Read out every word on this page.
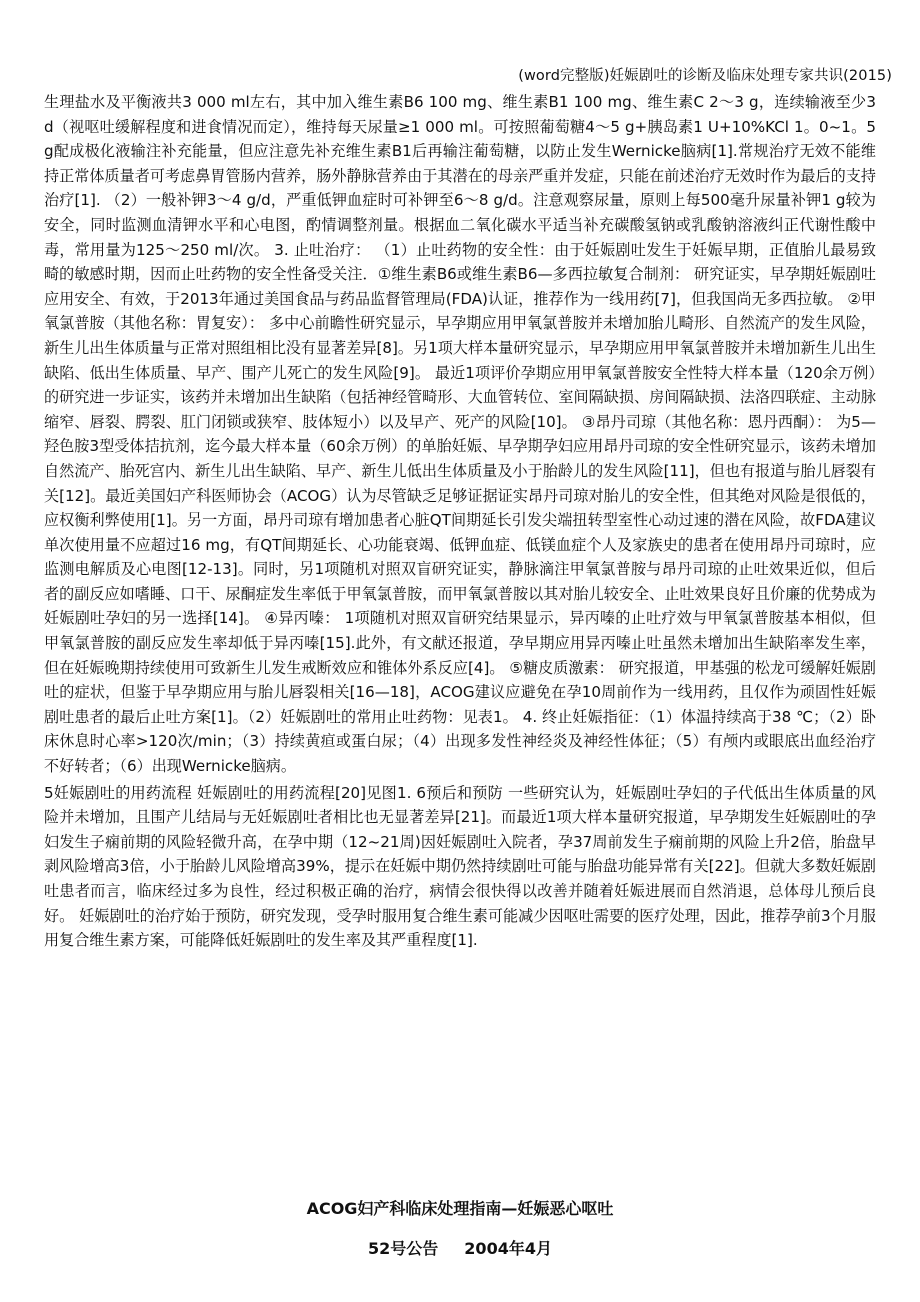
(word完整版)妊娠剧吐的诊断及临床处理专家共识(2015)

生理盐水及平衡液共3 000 ml左右，其中加入维生素B6 100 mg、维生素B1 100 mg、维生素C 2～3 g，连续输液至少3 d（视呕吐缓解程度和进食情况而定），维持每天尿量≥1 000 ml。可按照葡萄糖4～5 g+胰岛素1 U+10%KCl 1。0~1。5 g配成极化液输注补充能量，但应注意先补充维生素B1后再输注葡萄糖，以防止发生Wernicke脑病[1].常规治疗无效不能维持正常体质量者可考虑鼻胃管肠内营养，肠外静脉营养由于其潜在的母亲严重并发症，只能在前述治疗无效时作为最后的支持治疗[1]. （2）一般补钾3～4 g/d，严重低钾血症时可补钾至6～8 g/d。注意观察尿量，原则上每500毫升尿量补钾1 g较为安全，同时监测血清钾水平和心电图，酌情调整剂量。根据血二氧化碳水平适当补充碳酸氢钠或乳酸钠溶液纠正代谢性酸中毒，常用量为125～250 ml/次。 3. 止吐治疗： （1）止吐药物的安全性：由于妊娠剧吐发生于妊娠早期，正值胎儿最易致畸的敏感时期，因而止吐药物的安全性备受关注．①维生素B6或维生素B6—多西拉敏复合制剂： 研究证实，早孕期妊娠剧吐应用安全、有效，于2013年通过美国食品与药品监督管理局(FDA)认证，推荐作为一线用药[7]，但我国尚无多西拉敏。 ②甲氧氯普胺（其他名称：胃复安）： 多中心前瞻性研究显示，早孕期应用甲氧氯普胺并未增加胎儿畸形、自然流产的发生风险，新生儿出生体质量与正常对照组相比没有显著差异[8]。另1项大样本量研究显示，早孕期应用甲氧氯普胺并未增加新生儿出生缺陷、低出生体质量、早产、围产儿死亡的发生风险[9]。 最近1项评价孕期应用甲氧氯普胺安全性特大样本量（120余万例）的研究进一步证实，该药并未增加出生缺陷（包括神经管畸形、大血管转位、室间隔缺损、房间隔缺损、法洛四联症、主动脉缩窄、唇裂、腭裂、肛门闭锁或狭窄、肢体短小）以及早产、死产的风险[10]。 ③昂丹司琼（其他名称：恩丹西酮）： 为5—羟色胺3型受体拮抗剂，迄今最大样本量（60余万例）的单胎妊娠、早孕期孕妇应用昂丹司琼的安全性研究显示，该药未增加自然流产、胎死宫内、新生儿出生缺陷、早产、新生儿低出生体质量及小于胎龄儿的发生风险[11]，但也有报道与胎儿唇裂有关[12]。最近美国妇产科医师协会（ACOG）认为尽管缺乏足够证据证实昂丹司琼对胎儿的安全性，但其绝对风险是很低的，应权衡利弊使用[1]。另一方面，昂丹司琼有增加患者心脏QT间期延长引发尖端扭转型室性心动过速的潜在风险，故FDA建议单次使用量不应超过16 mg，有QT间期延长、心功能衰竭、低钾血症、低镁血症个人及家族史的患者在使用昂丹司琼时，应监测电解质及心电图[12-13]。同时，另1项随机对照双盲研究证实，静脉滴注甲氧氯普胺与昂丹司琼的止吐效果近似，但后者的副反应如嗜睡、口干、尿酮症发生率低于甲氧氯普胺，而甲氧氯普胺以其对胎儿较安全、止吐效果良好且价廉的优势成为妊娠剧吐孕妇的另一选择[14]。 ④异丙嗪： 1项随机对照双盲研究结果显示，异丙嗪的止吐疗效与甲氧氯普胺基本相似，但甲氧氯普胺的副反应发生率却低于异丙嗪[15].此外，有文献还报道，孕早期应用异丙嗪止吐虽然未增加出生缺陷率发生率，但在妊娠晚期持续使用可致新生儿发生戒断效应和锥体外系反应[4]。 ⑤糖皮质激素： 研究报道，甲基强的松龙可缓解妊娠剧吐的症状，但鉴于早孕期应用与胎儿唇裂相关[16—18]，ACOG建议应避免在孕10周前作为一线用药，且仅作为顽固性妊娠剧吐患者的最后止吐方案[1]。（2）妊娠剧吐的常用止吐药物：见表1。 4. 终止妊娠指征：（1）体温持续高于38 ℃；（2）卧床休息时心率>120次/min；（3）持续黄疸或蛋白尿；（4）出现多发性神经炎及神经性体征；（5）有颅内或眼底出血经治疗不好转者；（6）出现Wernicke脑病。

5妊娠剧吐的用药流程 妊娠剧吐的用药流程[20]见图1. 6预后和预防 一些研究认为，妊娠剧吐孕妇的子代低出生体质量的风险并未增加，且围产儿结局与无妊娠剧吐者相比也无显著差异[21]。而最近1项大样本量研究报道，早孕期发生妊娠剧吐的孕妇发生子痫前期的风险轻微升高，在孕中期（12~21周)因妊娠剧吐入院者，孕37周前发生子痫前期的风险上升2倍，胎盘早剥风险增高3倍，小于胎龄儿风险增高39%，提示在妊娠中期仍然持续剧吐可能与胎盘功能异常有关[22]。但就大多数妊娠剧吐患者而言，临床经过多为良性，经过积极正确的治疗，病情会很快得以改善并随着妊娠进展而自然消退，总体母儿预后良好。 妊娠剧吐的治疗始于预防，研究发现，受孕时服用复合维生素可能减少因呕吐需要的医疗处理，因此，推荐孕前3个月服用复合维生素方案，可能降低妊娠剧吐的发生率及其严重程度[1].

ACOG妇产科临床处理指南—妊娠恶心呕吐
52号公告 2004年4月
